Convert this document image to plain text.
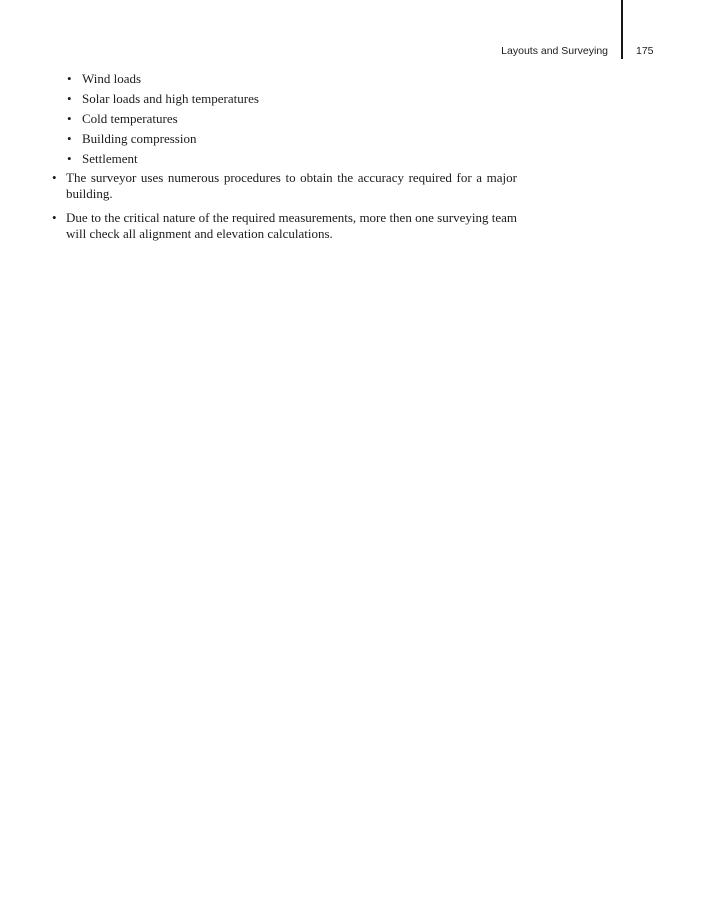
Layouts and Surveying	175
• Wind loads
• Solar loads and high temperatures
• Cold temperatures
• Building compression
• Settlement
• The surveyor uses numerous procedures to obtain the accuracy required for a major building.
• Due to the critical nature of the required measurements, more then one surveying team will check all alignment and elevation calculations.
